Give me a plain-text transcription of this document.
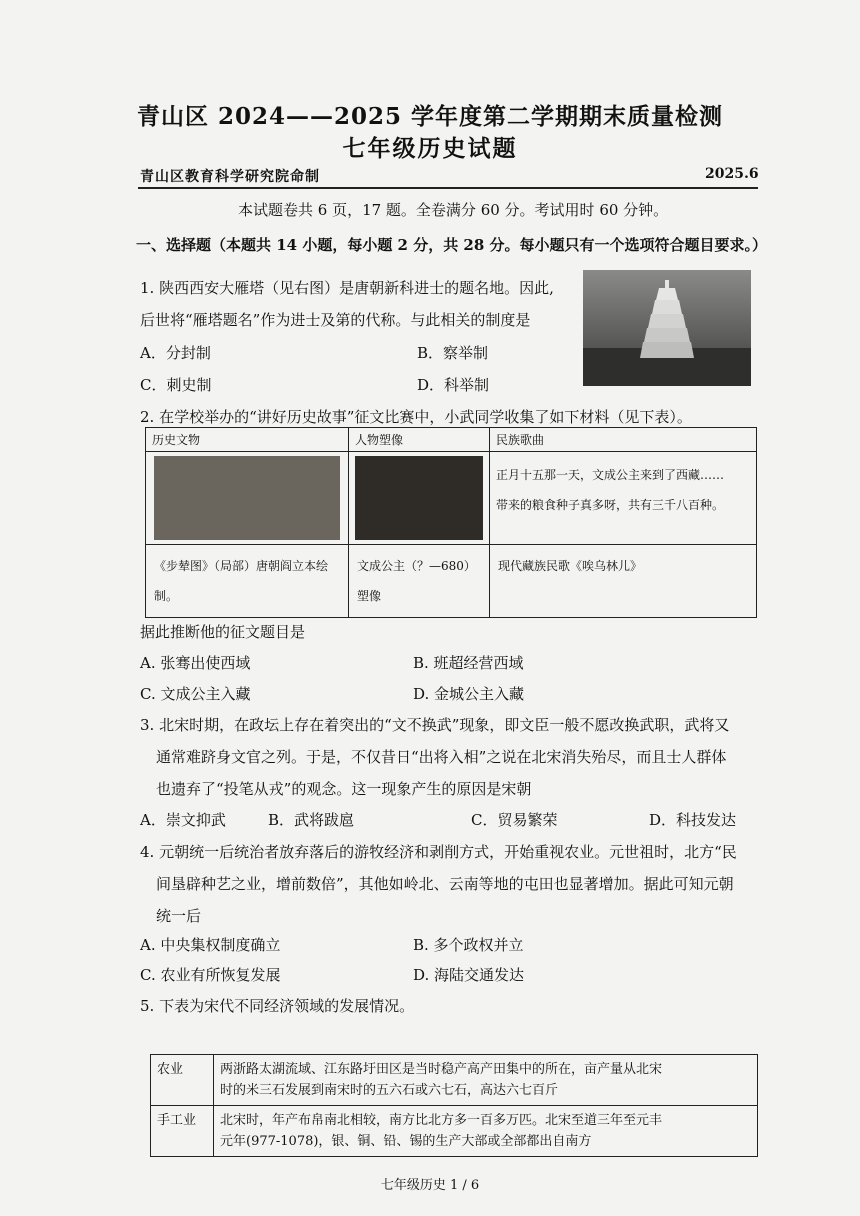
青山区 2024——2025 学年度第二学期期末质量检测
七年级历史试题
青山区教育科学研究院命制	2025.6
本试题卷共 6 页，17 题。全卷满分 60 分。考试用时 60 分钟。
一、选择题（本题共 14 小题，每小题 2 分，共 28 分。每小题只有一个选项符合题目要求。）
1. 陕西西安大雁塔（见右图）是唐朝新科进士的题名地。因此,
后世将“雁塔题名”作为进士及第的代称。与此相关的制度是
A．分封制	B．察举制
C．刺史制	D．科举制
2. 在学校举办的“讲好历史故事”征文比赛中，小武同学收集了如下材料（见下表）。
历史文物	人物塑像	民族歌曲

		正月十五那一天，文成公主来到了西藏……
带来的粮食种子真多呀，共有三千八百种。

《步辇图》（局部）唐朝阎立本绘制。	文成公主（？—680）
塑像	现代藏族民歌《唉乌林儿》
据此推断他的征文题目是
A. 张骞出使西域	B. 班超经营西域
C. 文成公主入藏	D. 金城公主入藏
3. 北宋时期，在政坛上存在着突出的“文不换武”现象，即文臣一般不愿改换武职，武将又
通常难跻身文官之列。于是，不仅昔日“出将入相”之说在北宋消失殆尽，而且士人群体
也遗弃了“投笔从戎”的观念。这一现象产生的原因是宋朝
A．崇文抑武	B．武将跋扈	C．贸易繁荣	D．科技发达
4. 元朝统一后统治者放弃落后的游牧经济和剥削方式，开始重视农业。元世祖时，北方“民
间垦辟种艺之业，增前数倍”，其他如岭北、云南等地的屯田也显著增加。据此可知元朝
统一后
A. 中央集权制度确立	B. 多个政权并立
C. 农业有所恢复发展	D. 海陆交通发达
5. 下表为宋代不同经济领域的发展情况。
农业	两浙路太湖流域、江东路圩田区是当时稳产高产田集中的所在，亩产量从北宋
时的米三石发展到南宋时的五六石或六七石，高达六七百斤

手工业	北宋时，年产布帛南北相较，南方比北方多一百多万匹。北宋至道三年至元丰
元年(977-1078)，银、铜、铅、锡的生产大部或全部都出自南方
七年级历史 1 / 6
